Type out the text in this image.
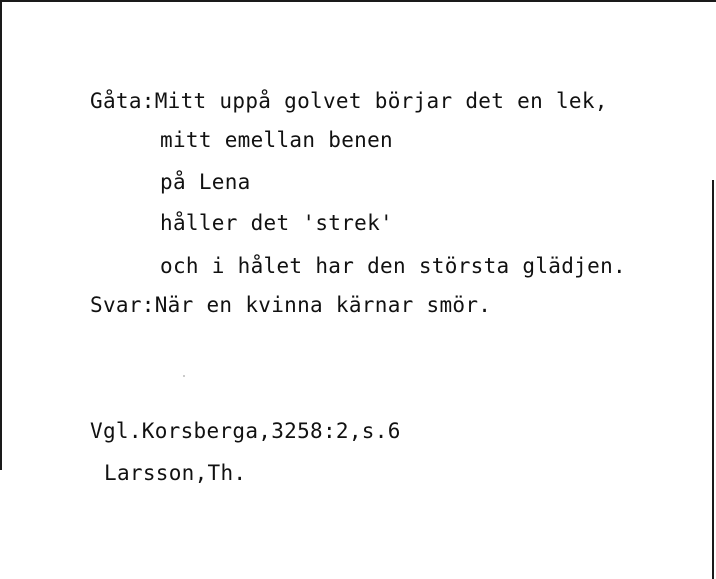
Gåta:Mitt uppå golvet börjar det en lek,
mitt emellan benen
på Lena
håller det 'strek'
och i hålet har den största glädjen.
Svar:När en kvinna kärnar smör.
Vgl.Korsberga,3258:2,s.6
Larsson,Th.
